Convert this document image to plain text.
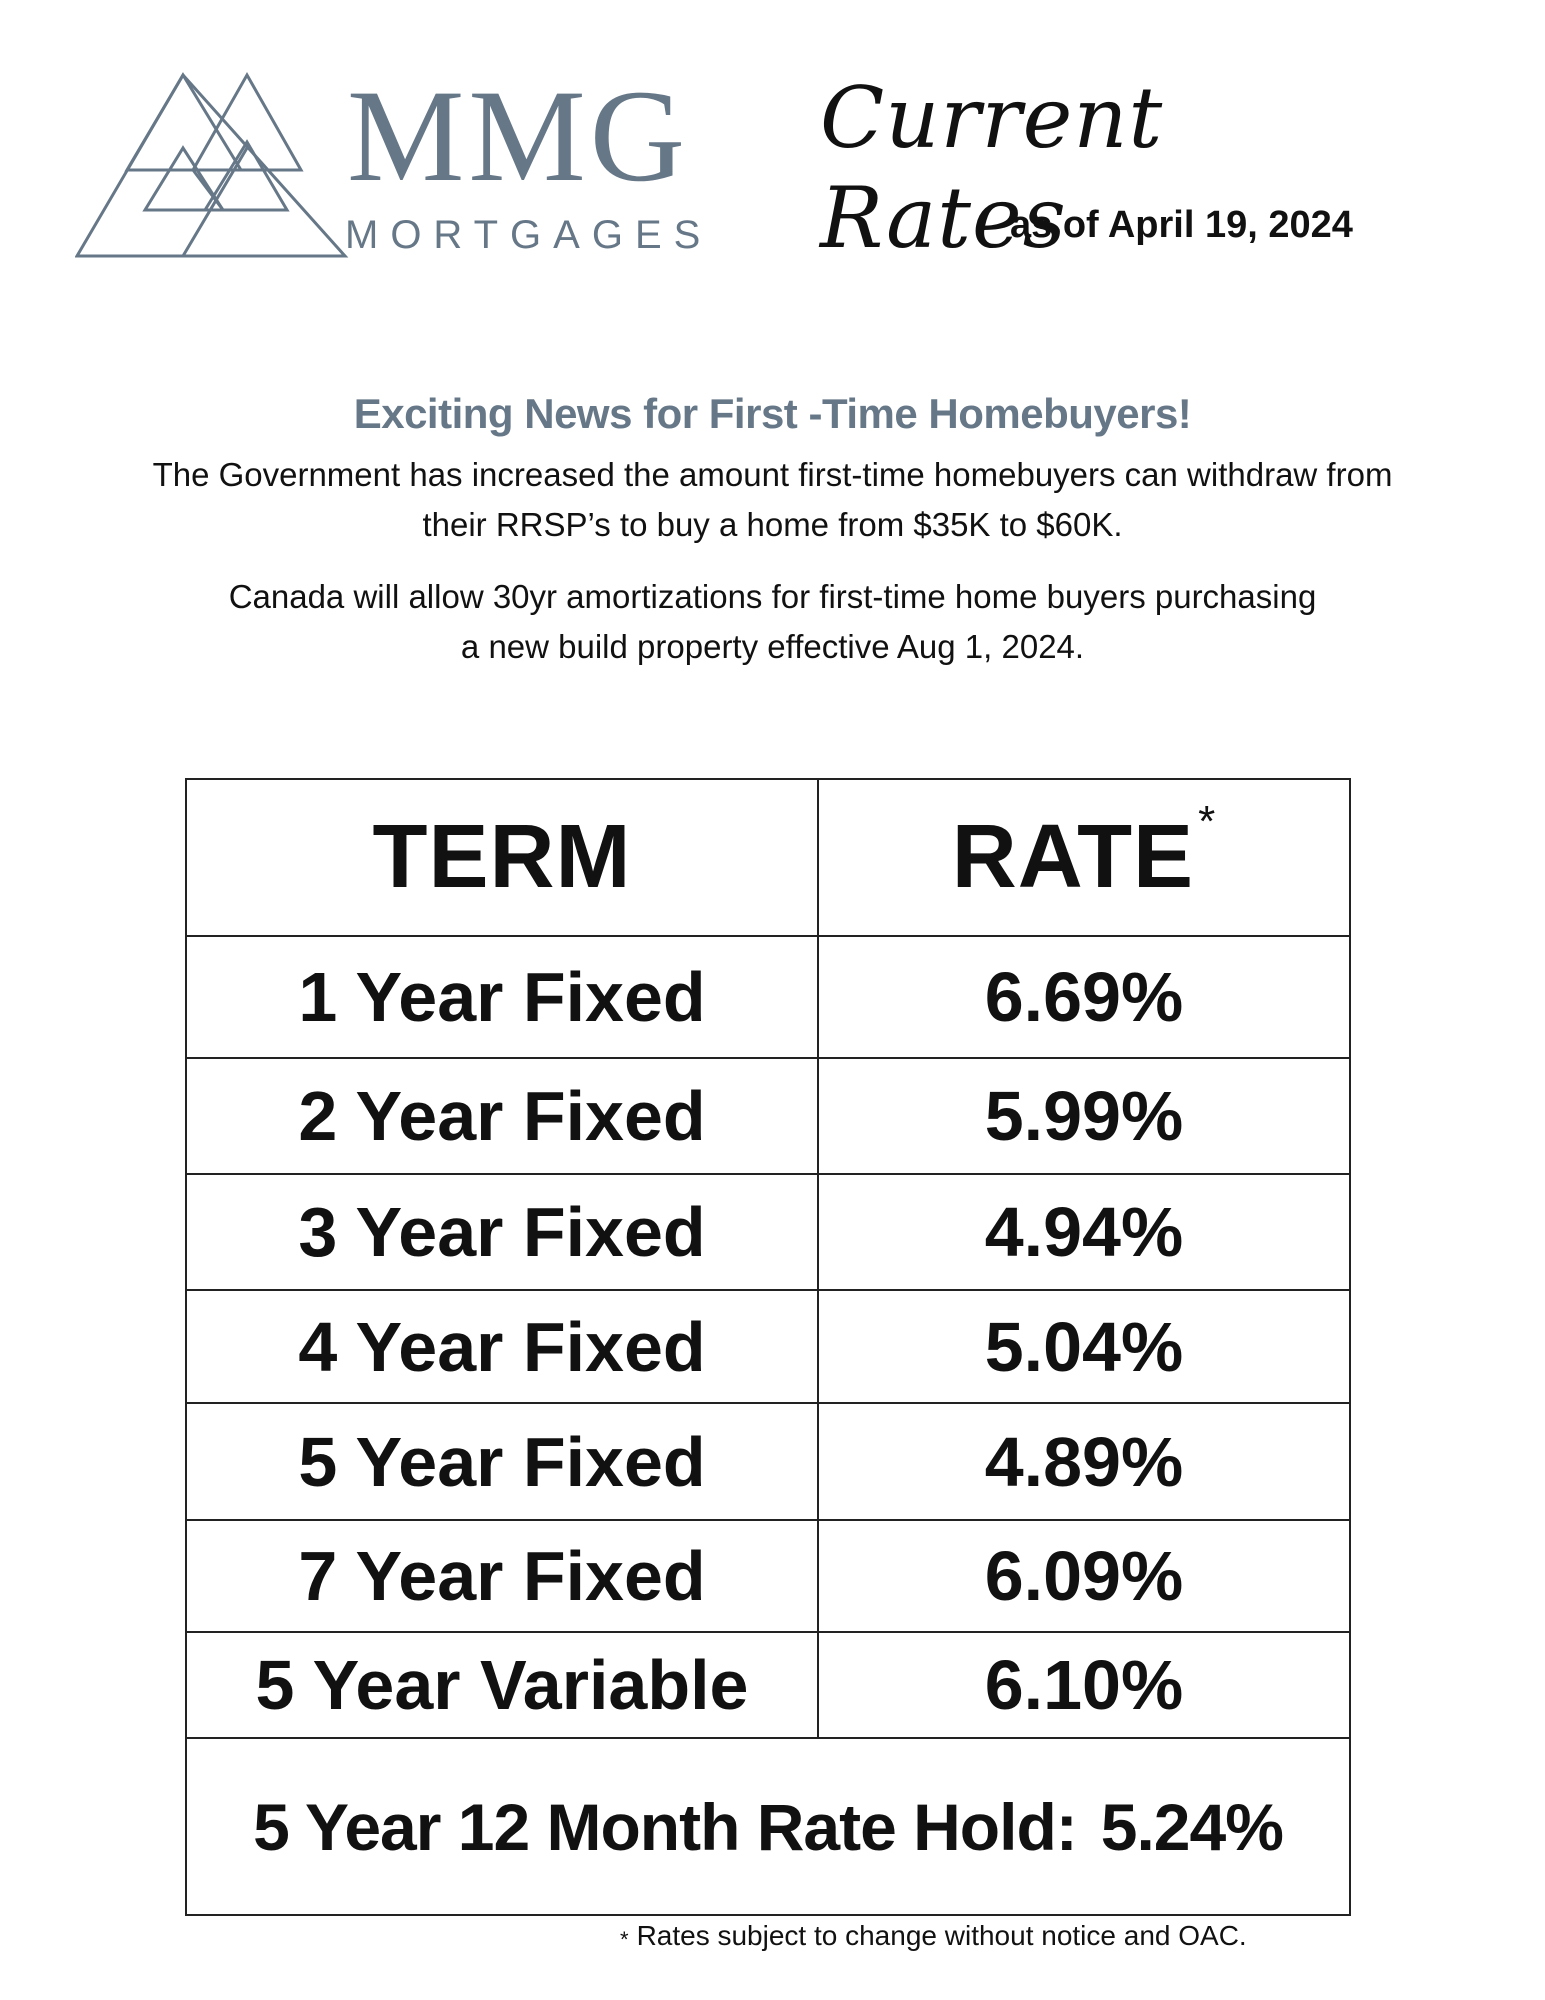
MMG
MORTGAGES
Current Rates
as of April 19, 2024
Exciting News for First -Time Homebuyers!
The Government has increased the amount first-time homebuyers can withdraw from
their RRSP’s to buy a home from $35K to $60K.
Canada will allow 30yr amortizations for first-time home buyers purchasing
a new build property effective Aug 1, 2024.
TERM	RATE *
1 Year Fixed	6.69%
2 Year Fixed	5.99%
3 Year Fixed	4.94%
4 Year Fixed	5.04%
5 Year Fixed	4.89%
7 Year Fixed	6.09%
5 Year Variable	6.10%
5 Year 12 Month Rate Hold: 5.24%
* Rates subject to change without notice and OAC.
